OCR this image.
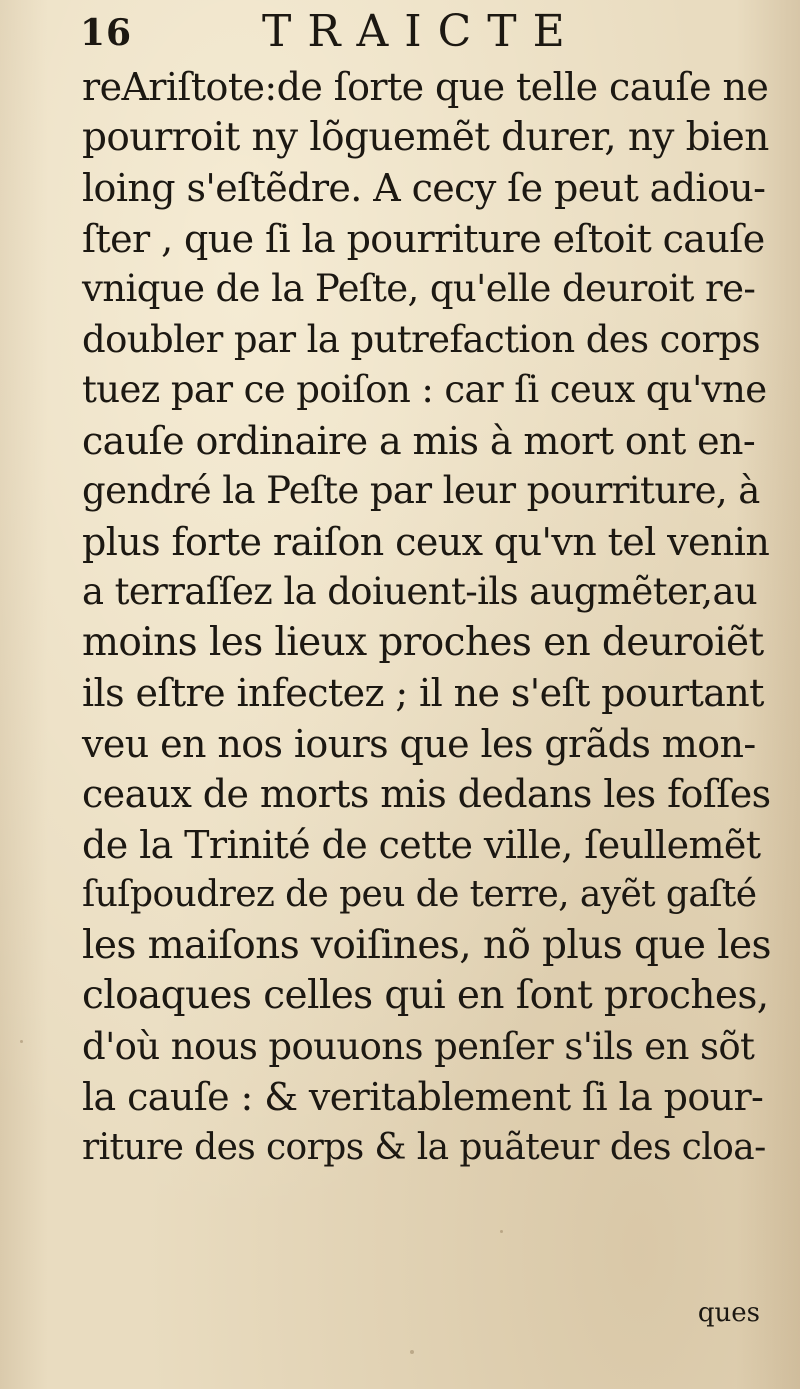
16	TRAICTE
reAriſtote:de ſorte que telle cauſe ne
pourroit ny lõguemẽt durer, ny bien
loing s'eſtẽdre. A cecy ſe peut adiou-
ſter , que ſi la pourriture eſtoit cauſe
vnique de la Peſte, qu'elle deuroit re-
doubler par la putrefaction des corps
tuez par ce poiſon : car ſi ceux qu'vne
cauſe ordinaire a mis à mort ont en-
gendré la Peſte par leur pourriture, à
plus forte raiſon ceux qu'vn tel venin
a terraſſez la doiuent-ils augmẽter,au
moins les lieux proches en deuroiẽt
ils eſtre infectez ; il ne s'eſt pourtant
veu en nos iours que les grãds mon-
ceaux de morts mis dedans les foſſes
de la Trinité de cette ville, ſeullemẽt
ſuſpoudrez de peu de terre, ayẽt gaſté
les maiſons voiſines, nõ plus que les
cloaques celles qui en ſont proches,
d'où nous pouuons penſer s'ils en sõt
la cauſe : & veritablement ſi la pour-
riture des corps & la puãteur des cloa-
ques
